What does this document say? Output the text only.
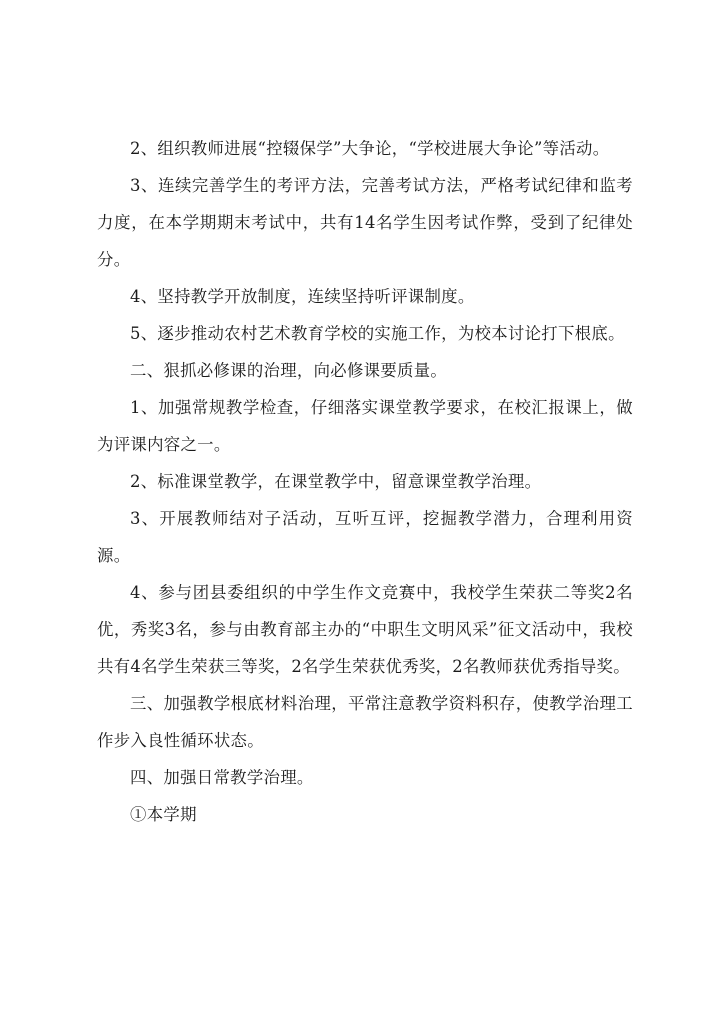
2、组织教师进展“控辍保学”大争论，“学校进展大争论”等活动。

3、连续完善学生的考评方法，完善考试方法，严格考试纪律和监考力度，在本学期期末考试中，共有14名学生因考试作弊，受到了纪律处分。

4、坚持教学开放制度，连续坚持听评课制度。

5、逐步推动农村艺术教育学校的实施工作，为校本讨论打下根底。

二、狠抓必修课的治理，向必修课要质量。

1、加强常规教学检查，仔细落实课堂教学要求，在校汇报课上，做为评课内容之一。

2、标准课堂教学，在课堂教学中，留意课堂教学治理。

3、开展教师结对子活动，互听互评，挖掘教学潜力，合理利用资源。

4、参与团县委组织的中学生作文竞赛中，我校学生荣获二等奖2名优，秀奖3名，参与由教育部主办的“中职生文明风采”征文活动中，我校共有4名学生荣获三等奖，2名学生荣获优秀奖，2名教师获优秀指导奖。

三、加强教学根底材料治理，平常注意教学资料积存，使教学治理工作步入良性循环状态。

四、加强日常教学治理。

①本学期
